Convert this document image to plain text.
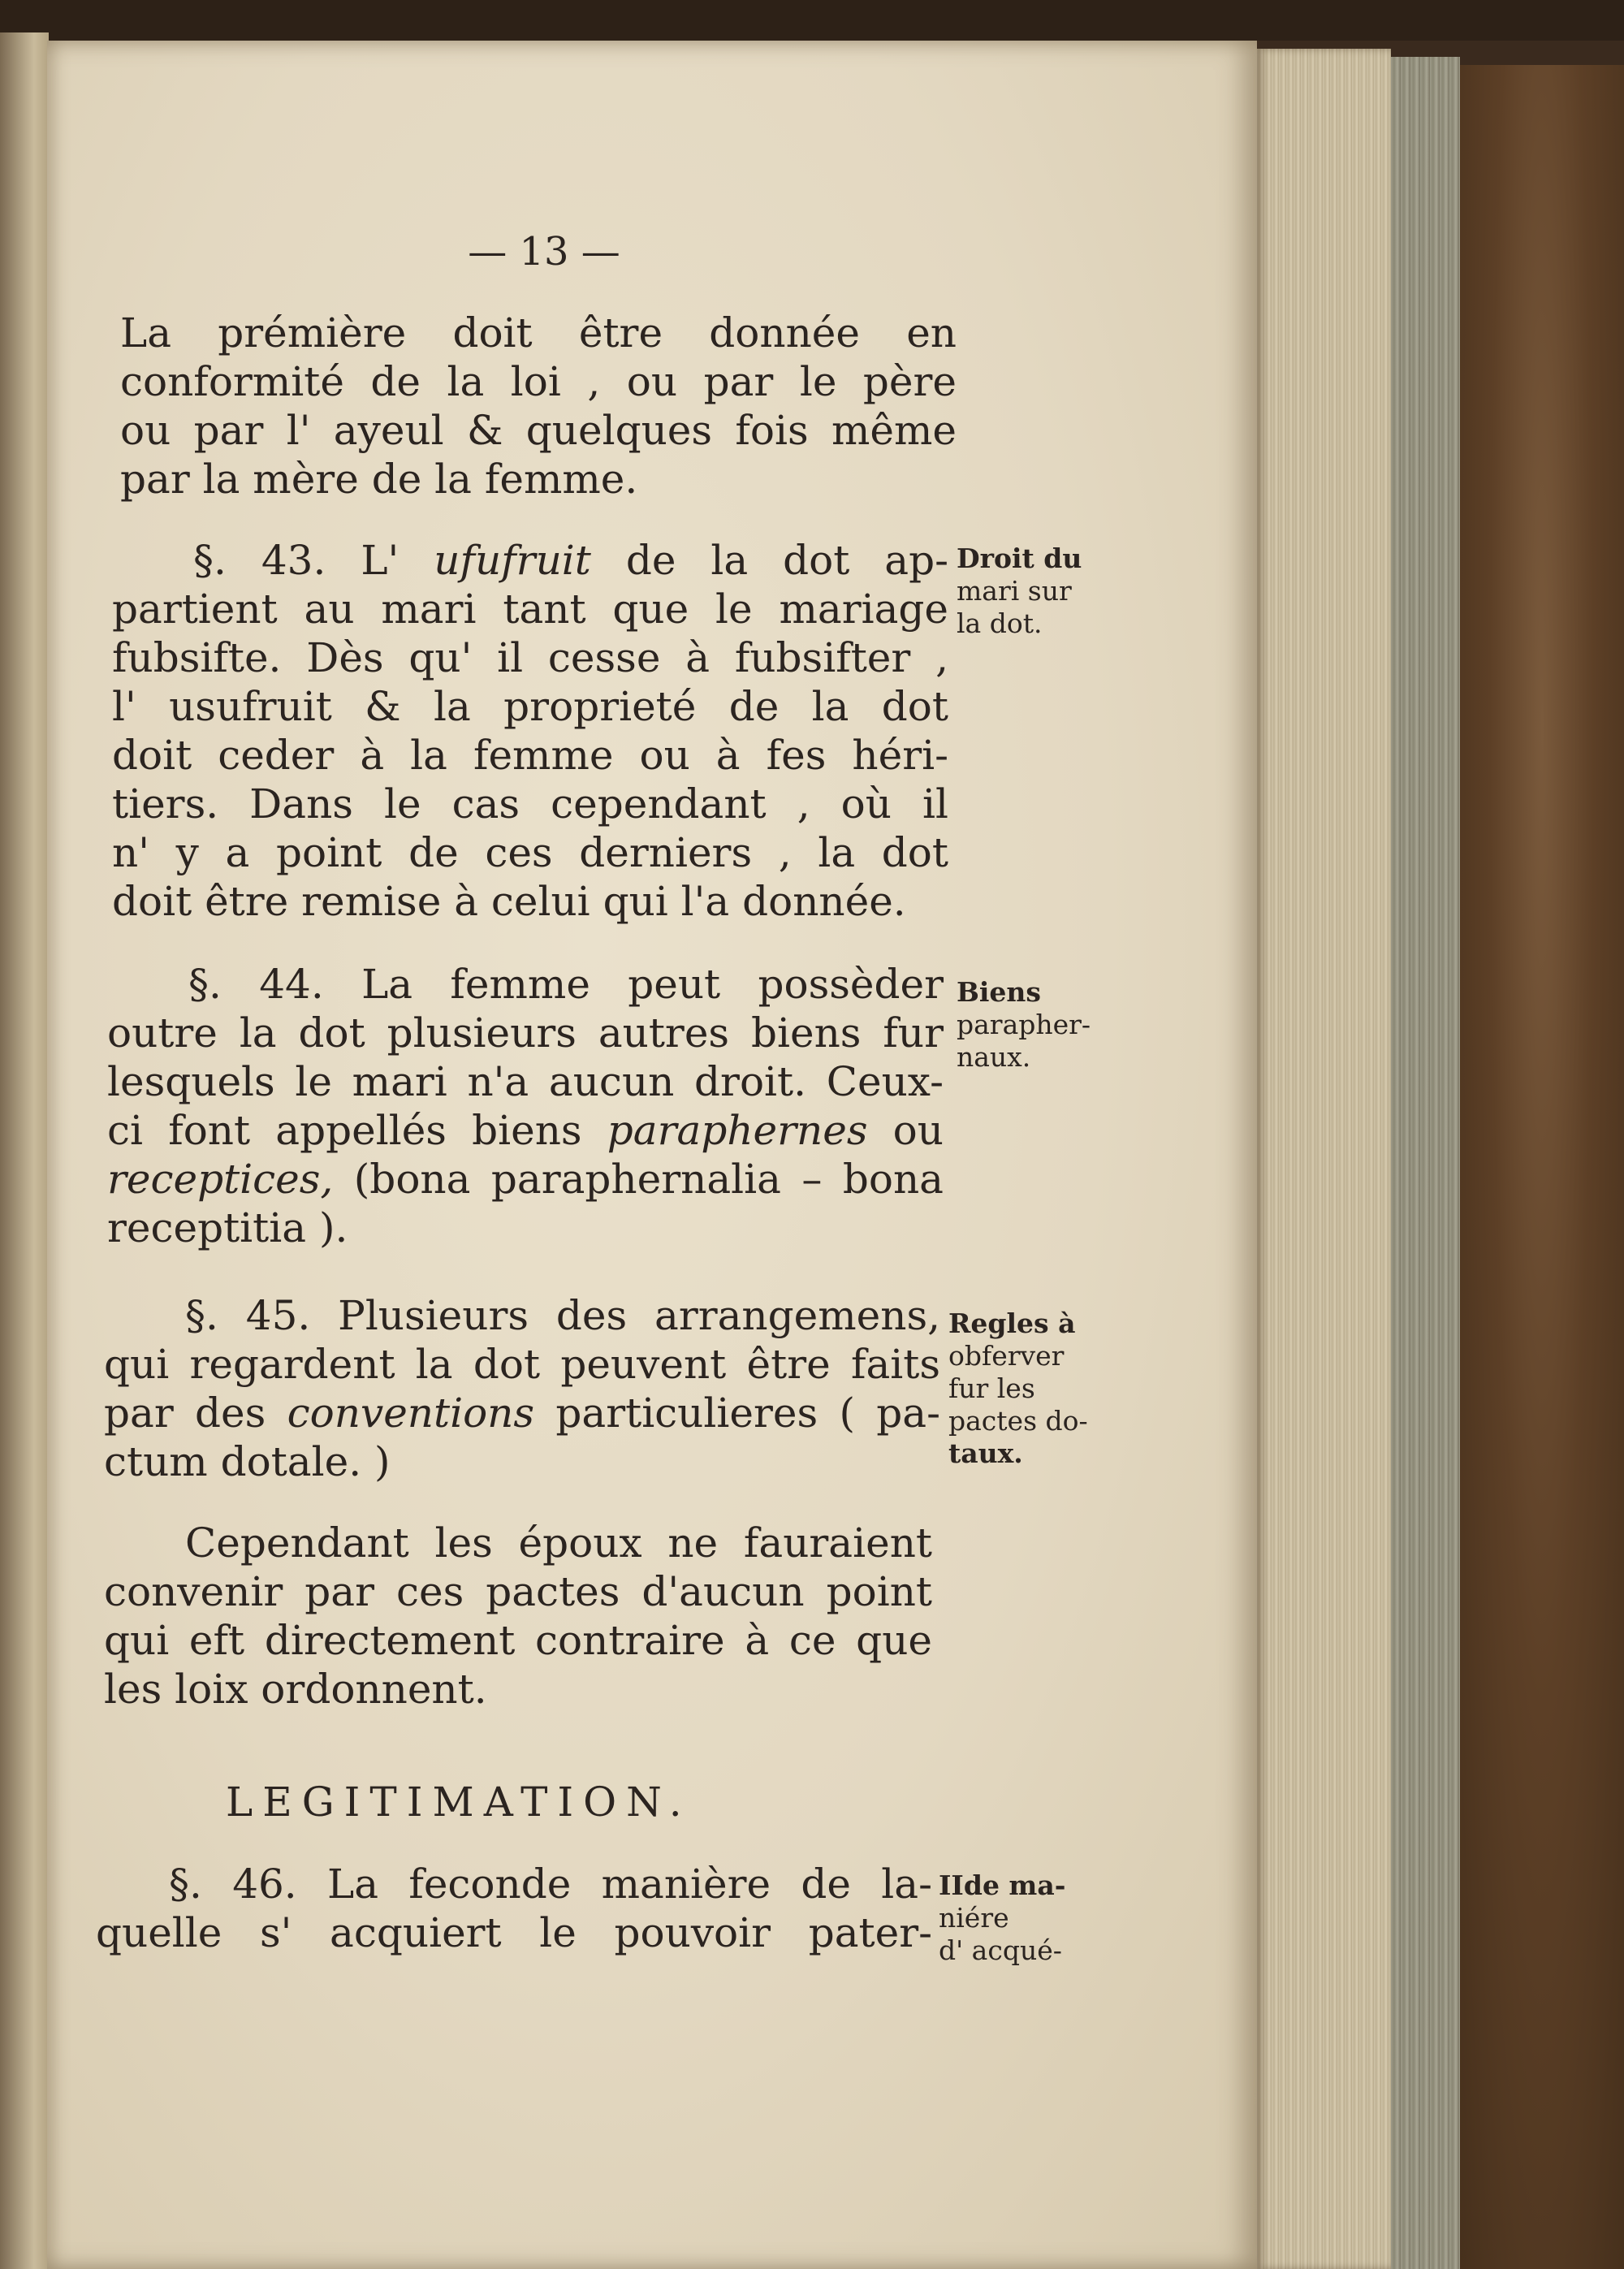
— 13 —
La prémière doit être donnée en
conformité de la loi , ou par le père
ou par l' ayeul & quelques fois même
par la mère de la femme.
§. 43. L' ufufruit de la dot ap-
partient au mari tant que le mariage
fubsifte. Dès qu' il cesse à fubsifter ,
l' usufruit & la proprieté de la dot
doit ceder à la femme ou à fes héri-
tiers. Dans le cas cependant , où il
n' y a point de ces derniers , la dot
doit être remise à celui qui l'a donnée.
Droit du
mari sur
la dot.
§. 44. La femme peut possèder
outre la dot plusieurs autres biens fur
lesquels le mari n'a aucun droit. Ceux-
ci font appellés biens paraphernes ou
receptices, (bona paraphernalia – bona
receptitia ).
Biens
parapher-
naux.
§. 45. Plusieurs des arrangemens,
qui regardent la dot peuvent être faits
par des conventions particulieres ( pa-
ctum dotale. )
Regles à
obferver
fur les
pactes do-
taux.
Cependant les époux ne fauraient
convenir par ces pactes d'aucun point
qui eft directement contraire à ce que
les loix ordonnent.
LEGITIMATION.
§. 46. La feconde manière de la-
quelle s' acquiert le pouvoir pater-
IIde ma-
niére
d' acqué-
